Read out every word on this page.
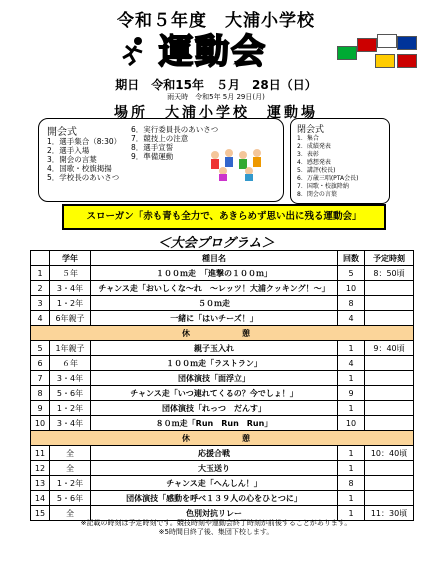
令和５年度　大浦小学校
運動会
期日　令和15年　５月　28日（日）
雨天時　令和5年 5月 29日(月)
場所　大浦小学校　運動場
開会式
1．選手集合（8:30）
2．選手入場
3．開会の言葉
4．国歌・校旗掲揚
5．学校長のあいさつ
6．実行委員長のあいさつ
7．競技上の注意
8．選手宣誓
9．準備運動
閉会式
1．集合
2．成績発表
3．表彰
4．感想発表
5．講評(校長)
6．万歳三唱(PTA会長)
7．国歌・校旗降納
8．閉会の言葉
スローガン「赤も青も全力で、あきらめず思い出に残る運動会」
＜大会プログラム＞
	学年	種目名	回数	予定時刻
1	５年	１００ｍ走　「進撃の１００ｍ」	5	8：50頃
2	3・4年	チャンス走「おいしくな〜れ　〜レッツ！大浦クッキング！〜」	10	
3	1・2年	５０ｍ走	8	
4	6年親子	一緒に「はいチーズ！」	4	
休　　憩				
5	1年親子	親子玉入れ	1	9：40頃
6	６年	１００ｍ走「ラストラン」	4	
7	3・4年	団体演技「面浮立」	1	
8	5・6年	チャンス走「いつ連れてくるの？今でしょ！」	9	
9	1・2年	団体演技「れっつ　だんす」	1	
10	3・4年	８０ｍ走「Run　Run　Run」	10	
休　　憩				
11	全	応援合戦	1	10：40頃
12	全	大玉送り	1	
13	1・2年	チャンス走「へんしん！」	8	
14	5・6年	団体演技「感動を呼べ１３９人の心をひとつに」	1	
15	全	色別対抗リレー	1	11：30頃
※記載の時刻は予定時刻です。競技時刻や運動会終了時刻が前後することがあります。
※5時間目終了後、集団下校します。
